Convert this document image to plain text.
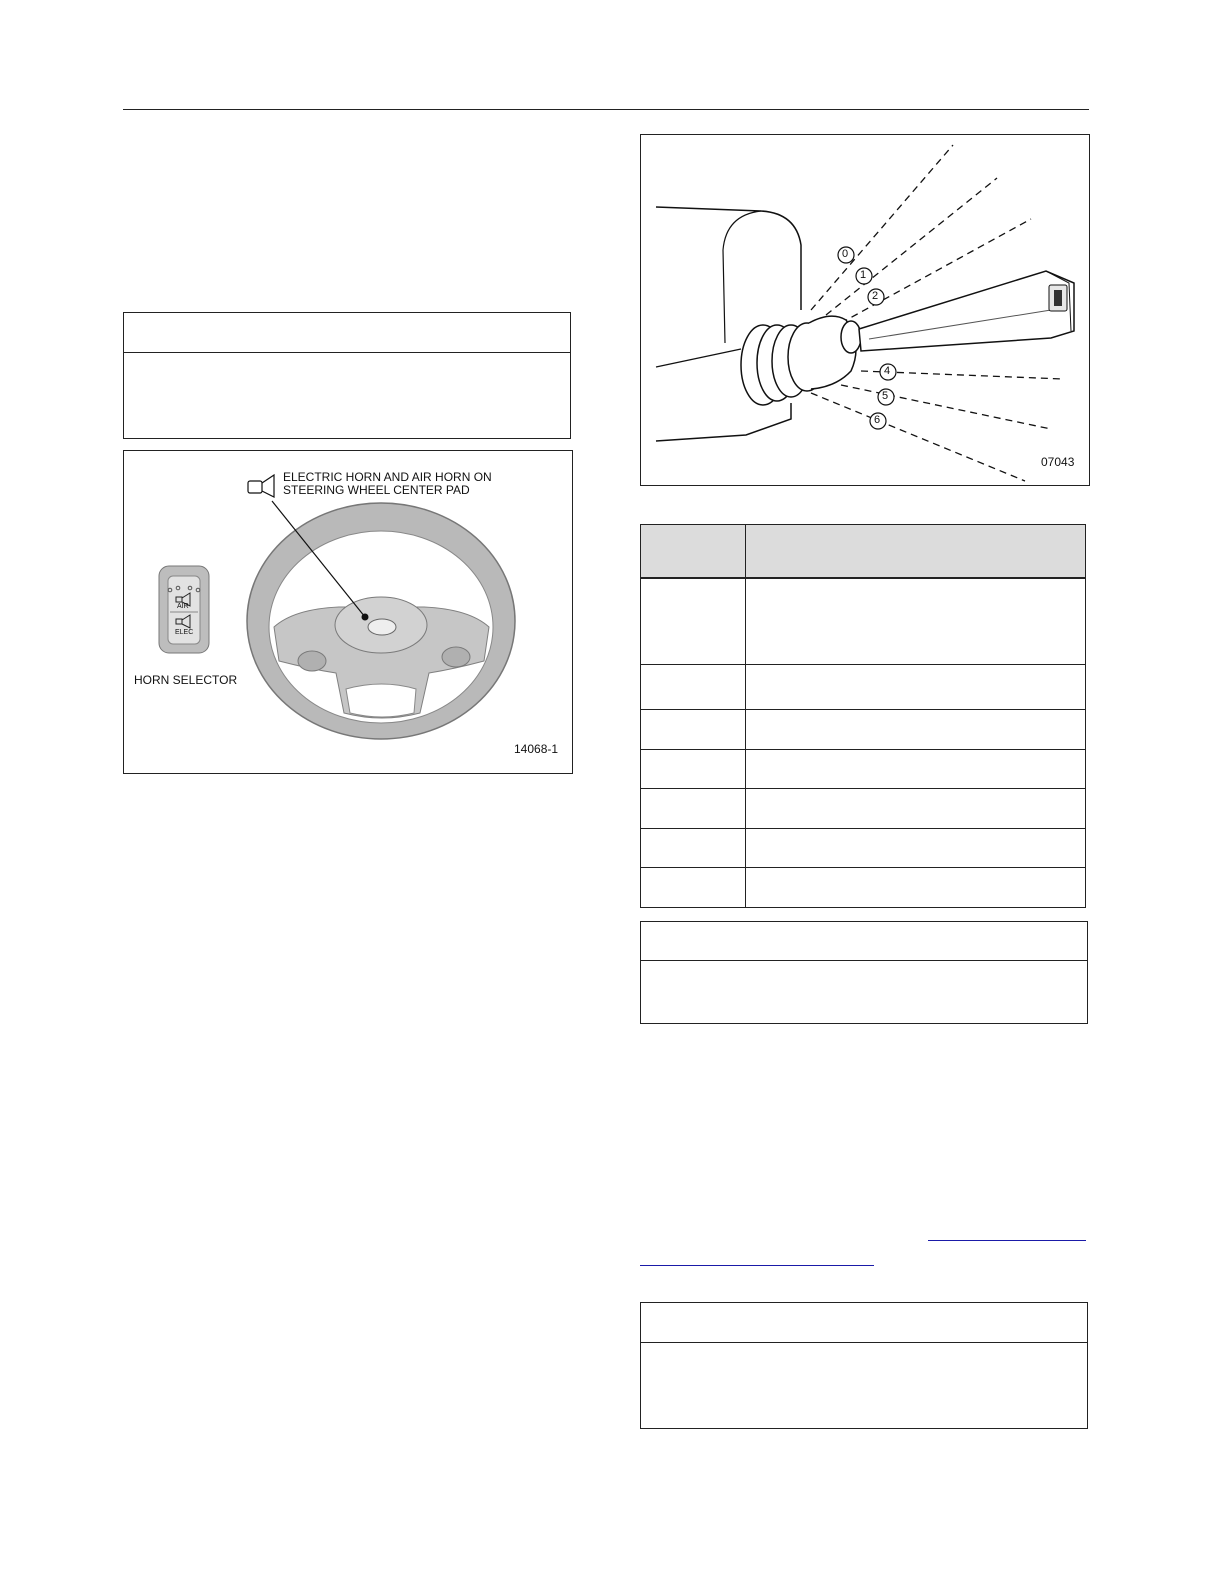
ELECTRIC HORN AND AIR HORN ON
STEERING WHEEL CENTER PAD
AIR
ELEC
HORN SELECTOR
14068-1
0
1
2
4
5
6
07043
